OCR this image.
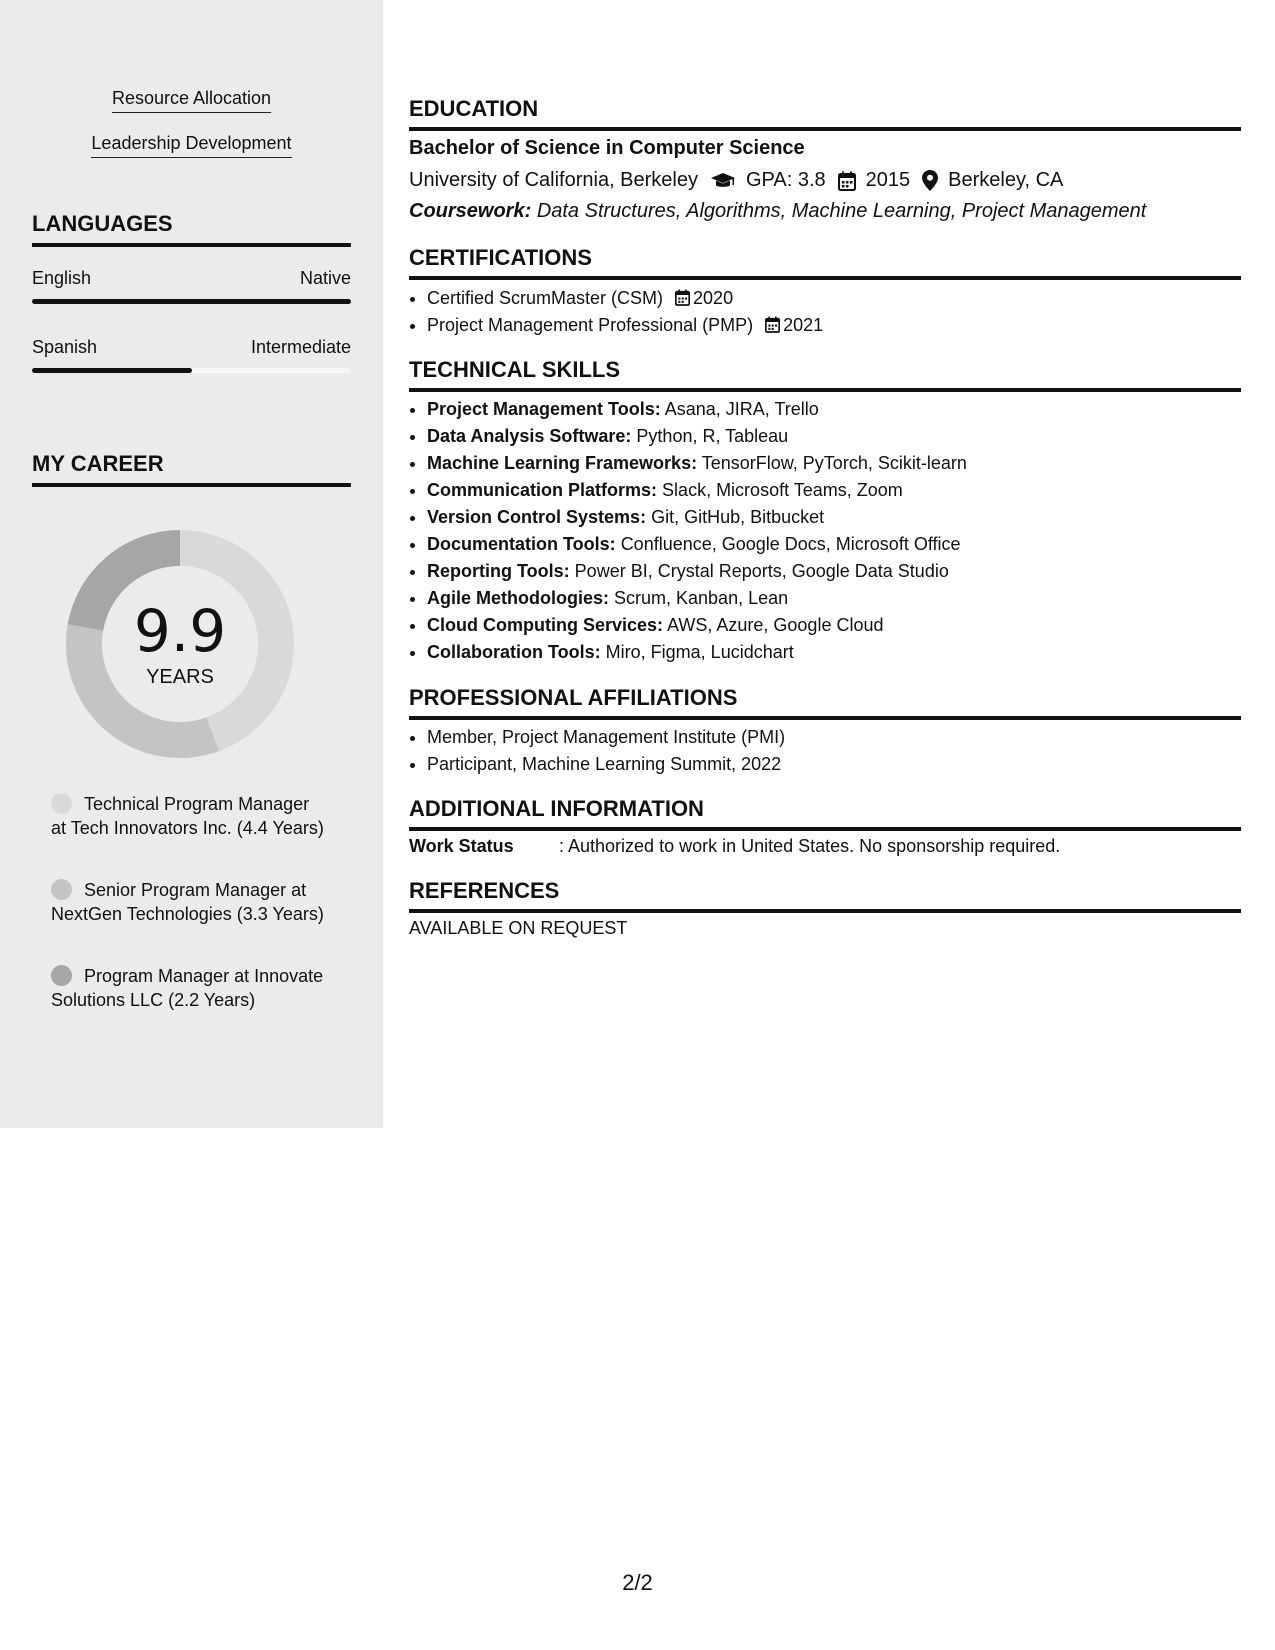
Resource Allocation
Leadership Development
LANGUAGES
English	Native
Spanish	Intermediate
MY CAREER
9.9
YEARS
Technical Program Manager at Tech Innovators Inc. (4.4 Years)
Senior Program Manager at NextGen Technologies (3.3 Years)
Program Manager at Innovate Solutions LLC (2.2 Years)
EDUCATION
Bachelor of Science in Computer Science
University of California, Berkeley GPA: 3.8 2015 Berkeley, CA
Coursework: Data Structures, Algorithms, Machine Learning, Project Management
CERTIFICATIONS
• Certified ScrumMaster (CSM) 2020
• Project Management Professional (PMP) 2021
TECHNICAL SKILLS
• Project Management Tools: Asana, JIRA, Trello
• Data Analysis Software: Python, R, Tableau
• Machine Learning Frameworks: TensorFlow, PyTorch, Scikit-learn
• Communication Platforms: Slack, Microsoft Teams, Zoom
• Version Control Systems: Git, GitHub, Bitbucket
• Documentation Tools: Confluence, Google Docs, Microsoft Office
• Reporting Tools: Power BI, Crystal Reports, Google Data Studio
• Agile Methodologies: Scrum, Kanban, Lean
• Cloud Computing Services: AWS, Azure, Google Cloud
• Collaboration Tools: Miro, Figma, Lucidchart
PROFESSIONAL AFFILIATIONS
• Member, Project Management Institute (PMI)
• Participant, Machine Learning Summit, 2022
ADDITIONAL INFORMATION
Work Status	: Authorized to work in United States. No sponsorship required.
REFERENCES
AVAILABLE ON REQUEST
2/2
